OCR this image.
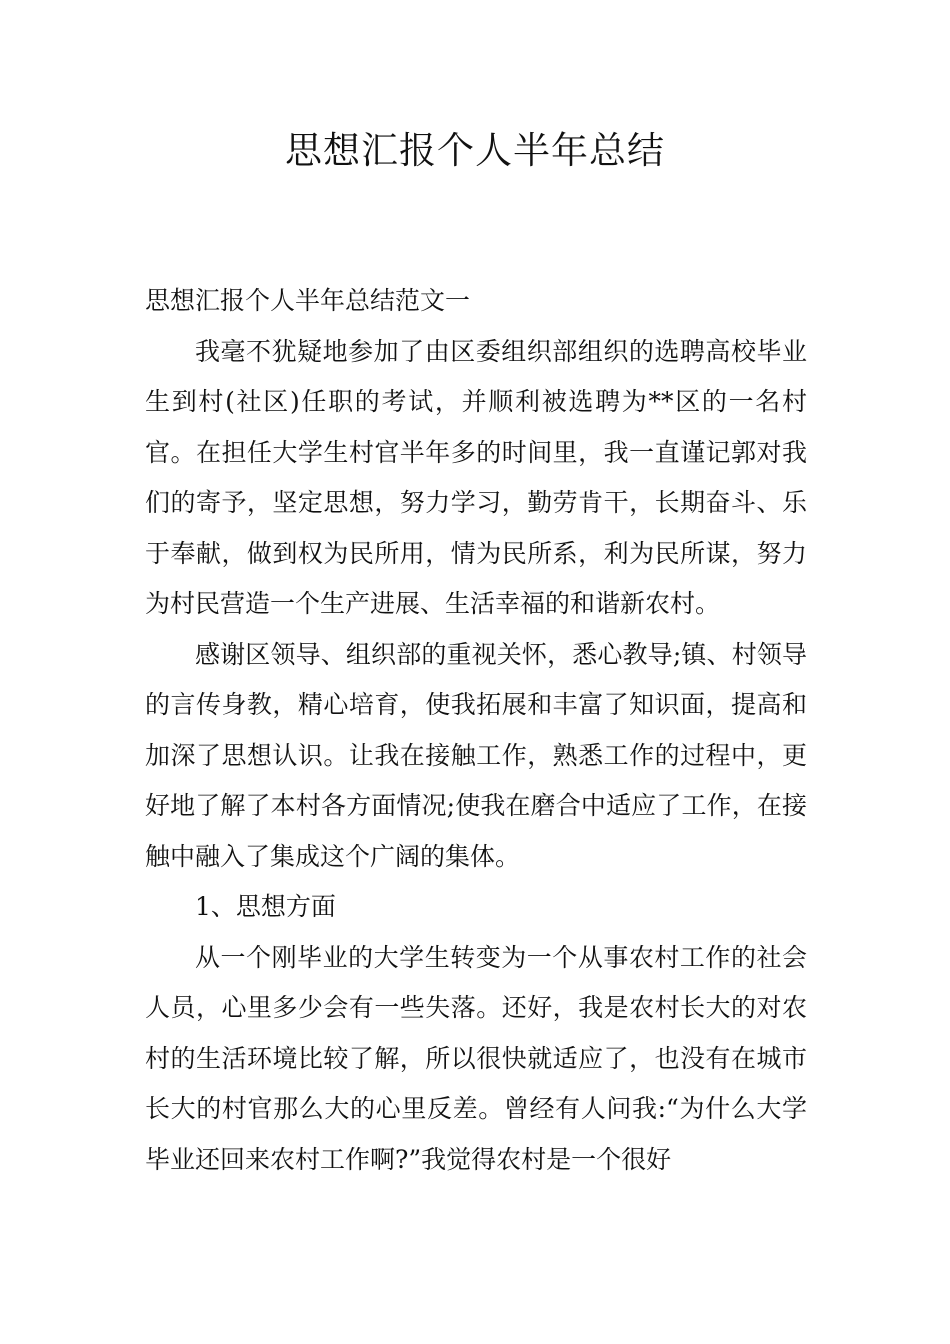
思想汇报个人半年总结

思想汇报个人半年总结范文一

我毫不犹疑地参加了由区委组织部组织的选聘高校毕业生到村(社区)任职的考试，并顺利被选聘为**区的一名村官。在担任大学生村官半年多的时间里，我一直谨记郭对我们的寄予，坚定思想，努力学习，勤劳肯干，长期奋斗、乐于奉献，做到权为民所用，情为民所系，利为民所谋，努力为村民营造一个生产进展、生活幸福的和谐新农村。

感谢区领导、组织部的重视关怀，悉心教导;镇、村领导的言传身教，精心培育，使我拓展和丰富了知识面，提高和加深了思想认识。让我在接触工作，熟悉工作的过程中，更好地了解了本村各方面情况;使我在磨合中适应了工作，在接触中融入了集成这个广阔的集体。

1、思想方面

从一个刚毕业的大学生转变为一个从事农村工作的社会人员，心里多少会有一些失落。还好，我是农村长大的对农村的生活环境比较了解，所以很快就适应了，也没有在城市长大的村官那么大的心里反差。曾经有人问我:“为什么大学毕业还回来农村工作啊?”我觉得农村是一个很好
